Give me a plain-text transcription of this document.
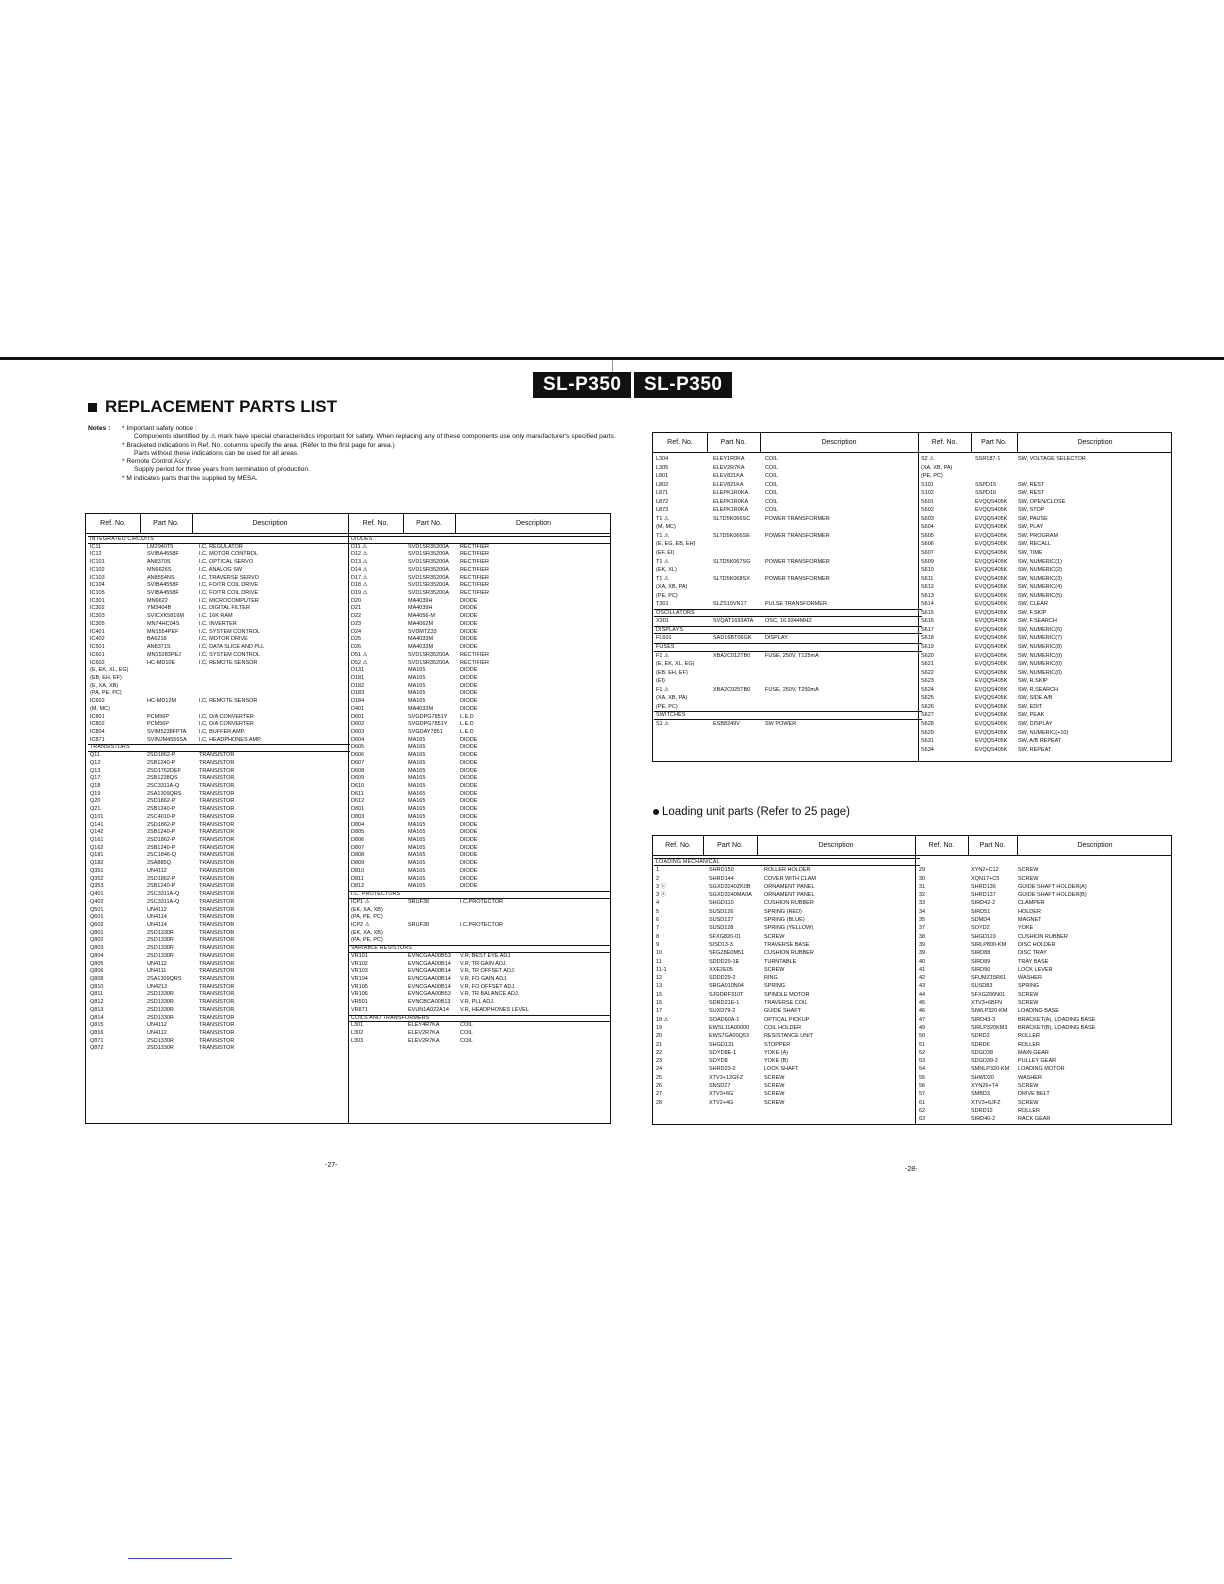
SL-P350	SL-P350
REPLACEMENT PARTS LIST
Notes : * Important safety notice :
Components identified by ⚠ mark have special characteristics important for safety. When replacing any of these components use only manufacturer's specified parts.
* Bracketed indications in Ref. No. columns specify the area. (Refer to the first page for area.)
Parts without these indications can be used for all areas.
* Remote Control Ass'y:
Supply period for three years from termination of production.
* M indicates parts that the supplied by MESA.
Ref. No.	Part No.	Description	Ref. No.	Part No.	Description
INTEGRATED CIRCUITS
IC11	LM2940T5	I.C, REGULATOR
IC12	SVIBA4558F	I.C, MOTOR CONTROL
IC101	AN8370S	I.C, OPTICAL SERVO
IC102	MN6626S	I.C, ANALOG SW
IC103	AN8554NS	I.C, TRAVERSE SERVO
IC104	SVIBA4558F	I.C, FO/TR COIL DRIVE
IC105	SVIBA4558F	I.C, FO/TR COIL DRIVE
IC301	MN6622	I.C, MICROCOMPUTER
IC302	YM3404B	I.C, DIGITAL FILTER
IC303	SVICXK5816M	I.C, 16K RAM
IC305	MN74HC04S	I.C, INVERTER
IC401	MN1554PEF	I.C, SYSTEM CONTROL
IC402	BA6218	I.C, MOTOR DRIVE
IC501	AN8371S	I.C, DATA SLICE AND PLL
IC601	MN15283PEJ	I.C, SYSTEM CONTROL
IC602	HC-MD10E	I.C, REMOTE SENSOR
(E, EK, XL, EG)
(EB, EH, EF)
(E, XA, XB)
(PA, PE, PC)
IC602	HC-MD12M	I.C, REMOTE SENSOR
(M, MC)
IC801	PCM56P	I.C, D/A CONVERTER
IC802	PCM56P	I.C, D/A CONVERTER
IC804	SVIM5238FPTA I.C, BUFFER AMP.
IC871	SVINJM4556SA I.C, HEADPHONES AMP.
TRANSISTORS
Q11	2SD1862-P	TRANSISTOR
Q12	2SB1240-P	TRANSISTOR
Q13	2SD1762DEF	TRANSISTOR
Q17	2SB1238QS	TRANSISTOR
Q18	2SC3311A-Q	TRANSISTOR
Q19	2SA1309QRS	TRANSISTOR
Q20	2SD1862-P	TRANSISTOR
Q21	2SB1240-P	TRANSISTOR
Q101	2SC4010-P	TRANSISTOR
Q141	2SD1862-P	TRANSISTOR
Q142	2SB1240-P	TRANSISTOR
Q161	2SD1862-P	TRANSISTOR
Q162	2SB1240-P	TRANSISTOR
Q181	2SC1846-Q	TRANSISTOR
Q182	2SA885Q	TRANSISTOR
Q351	UN4112	TRANSISTOR
Q352	2SD1862-P	TRANSISTOR
Q353	2SB1240-P	TRANSISTOR
Q401	2SC3311A-Q	TRANSISTOR
Q402	2SC3311A-Q	TRANSISTOR
Q501	UN4112	TRANSISTOR
Q601	UN4114	TRANSISTOR
Q602	UN4114	TRANSISTOR
Q801	2SD1330R	TRANSISTOR
Q802	2SD1330R	TRANSISTOR
Q803	2SD1330R	TRANSISTOR
Q804	2SD1330R	TRANSISTOR
Q805	UN4112	TRANSISTOR
Q806	UN4111	TRANSISTOR
Q808	2SA1309QRS	TRANSISTOR
Q810	UN4212	TRANSISTOR
Q811	2SD1330R	TRANSISTOR
Q812	2SD1330R	TRANSISTOR
Q813	2SD1330R	TRANSISTOR
Q814	2SD1330R	TRANSISTOR
Q815	UN4112	TRANSISTOR
Q816	UN4112	TRANSISTOR
Q871	2SD1330R	TRANSISTOR
Q872	2SD1330R	TRANSISTOR
DIODES
D11 ⚠	SVD1SR35200A RECTIFIER
D12 ⚠	SVD1SR35200A RECTIFIER
D13 ⚠	SVD1SR35200A RECTIFIER
D14 ⚠	SVD1SR35200A RECTIFIER
D17 ⚠	SVD1SR35200A RECTIFIER
D18 ⚠	SVD1SR35200A RECTIFIER
D19 ⚠	SVD1SR35200A RECTIFIER
D20	MA4039H	DIODE
D21	MA4039H	DIODE
D22	MA4056-M	DIODE
D23	MA4062M	DIODE
D24	SVDMTZ33	DIODE
D25	MA4033M	DIODE
D26	MA4033M	DIODE
D51 ⚠	SVD1SR35200A RECTIFIER
D52 ⚠	SVD1SR35200A RECTIFIER
D131	MA165	DIODE
D181	MA165	DIODE
D182	MA165	DIODE
D183	MA165	DIODE
D184	MA165	DIODE
D401	MA4033M	DIODE
D601	SVGDPG7851Y L.E.D
D602	SVGDPG7851Y L.E.D
D603	SVGDAY7851	L.E.D
D604	MA165	DIODE
D605	MA165	DIODE
D606	MA165	DIODE
D607	MA165	DIODE
D608	MA165	DIODE
D609	MA165	DIODE
D610	MA165	DIODE
D611	MA165	DIODE
D612	MA165	DIODE
D801	MA165	DIODE
D803	MA165	DIODE
D804	MA165	DIODE
D805	MA165	DIODE
D806	MA165	DIODE
D807	MA165	DIODE
D808	MA165	DIODE
D809	MA165	DIODE
D810	MA165	DIODE
D811	MA165	DIODE
D812	MA165	DIODE
I.C. PROTECTORS
ICP1 ⚠	SRUF38	I.C.PROTECTOR
(EK, XA, XB)
(PA, PE, PC)
ICP2 ⚠	SRUF38	I.C.PROTECTOR
(EK, XA, XB)
(PA, PE, PC)
VARIABLE RESISTORS
VR101	EVNCGAA00B53 V.R, BEST EYE ADJ.
VR102	EVNCGAA00B14 V.R, TR GAIN ADJ.
VR103	EVNCGAA00B14 V.R, TR OFFSET ADJ.
VR104	EVNCGAA00B14 V.R, FO GAIN ADJ.
VR105	EVNCGAA00B14 V.R, FO OFFSET ADJ.
VR106	EVNCGAA00B53 V.R, TR BALANCE ADJ.
VR501	EVNCBCA00B13 V.R, PLL ADJ.
VR871	EVUN1A022A14 V.R, HEADPHONES LEVEL
COILS AND TRANSFORMERS
L301	ELEY4R7KA	COIL
L302	ELEV2R7KA	COIL
L303	ELEV2R7KA	COIL
Ref. No.	Part No.	Description	Ref. No.	Part No.	Description
L304	ELEY1R0KA	COIL
L305	ELEV2R7KA	COIL
L801	ELEV821KA	COIL
L802	ELEV821KA	COIL
L871	ELEPK1R0KA	COIL
L872	ELEPK1R0KA	COIL
L873	ELEPK1R0KA	COIL
T1 ⚠	SLTD5K066SC	POWER TRANSFORMER
(M, MC)
T1 ⚠	SLTD5K066SE	POWER TRANSFORMER
(E, EG, EB, EH)
(EF, EI)
T1 ⚠	SLTD5K067SG	POWER TRANSFORMER
(EK, XL)
T1 ⚠	SLTD5K068SX	POWER TRANSFORMER
(XA, XB, PA)
(PE, PC)
T301	SLZS10VN17	PULSE TRANSFORMER
OSCILLATORS
X301	SVQAT1693ATA OSC, 16.9344MHZ
DISPLAYS
FL601	SAD16BT06GK DISPLAY
FUSES
F1 ⚠	XBA2C012TB0	FUSE, 250V, T125mA
(E, EK, XL, EG)
(EB, EH, EF)
(EI)
F1 ⚠	XBA2C025TB0	FUSE, 250V, T250mA
(XA, XB, PA)
(PE, PC)
SWITCHES
S1 ⚠	ESB8249V	SW POWER
S2 ⚠	SSR187-1	SW, VOLTAGE SELECTOR
(XA, XB, PA)
(PE, PC)
S101	SSPD15	SW, REST
S102	SSPD16	SW, REST
S601	EVQQS405K SW, OPEN/CLOSE
S602	EVQQS405K SW, STOP
S603	EVQQS405K SW, PAUSE
S604	EVQQS405K SW, PLAY
S605	EVQQS405K SW, PROGRAM
S606	EVQQS405K SW, RECALL
S607	EVQQS405K SW, TIME
S609	EVQQS405K SW, NUMERIC(1)
S610	EVQQS405K SW, NUMERIC(2)
S611	EVQQS405K SW, NUMERIC(3)
S612	EVQQS405K SW, NUMERIC(4)
S613	EVQQS405K SW, NUMERIC(5)
S614	EVQQS405K SW, CLEAR
S615	EVQQS405K SW, F.SKIP
S616	EVQQS405K SW, F.SEARCH
S617	EVQQS405K SW, NUMERIC(6)
S618	EVQQS405K SW, NUMERIC(7)
S619	EVQQS405K SW, NUMERIC(8)
S620	EVQQS405K SW, NUMERIC(9)
S621	EVQQS405K SW, NUMERIC(0)
S622	EVQQS405K SW, NUMERIC(0)
S623	EVQQS405K SW, R.SKIP
S624	EVQQS405K SW, R.SEARCH
S625	EVQQS405K SW, SIDE A/B
S626	EVQQS405K SW, EDIT
S627	EVQQS405K SW, PEAK
S628	EVQQS405K SW, DISPLAY
S629	EVQQS405K SW, NUMERIC(+10)
S631	EVQQS405K SW, A/B REPEAT
S634	EVQQS405K SW, REPEAT
Loading unit parts (Refer to 25 page)
Ref. No.	Part No.	Description	Ref. No.	Part No.	Description
LOADING MECHANICAL
1	SHRD150	ROLLER HOLDER
2	SHRD144	COVER WITH CLAM
3 ⓔ	SGXD3240ZK0B ORNAMENT PANEL
3 ⓢ	SGXD3240MA0A ORNAMENT PANEL
4	SHGD110	CUSHION RUBBER
5	SUSD126	SPRING (RED)
6	SUSD127	SPRING (BLUE)
7	SUSD128	SPRING (YELLOW)
8	SFXG820-01	SCREW
9	SISD13-3	TRAVERSE BASE
10	SFGZ8E0M51	CUSHION RUBBER
11	SDDD29-1E	TURNTABLE
11-1	XXE2E05	SCREW
12	SDDD29-2	RING
13	SRGA010N04	SPRING
15	SJGDRF310T	SPINDLE MOTOR
16	SDRD21E-1	TRAVERSE COIL
17	SUXD79-2	GUIDE SHAFT
18 ⚠	SOAD60A-1	OPTICAL PICKUP
19	EWSL11A00000	COIL HOLDER
20	EWS7GA00Q53	RESISTANCE UNIT
21	SHGD131	STOPPER
22	SOYD8E-1	YOKE (A)
23	SOYD8	YOKE (B)
24	SHRD23-2	LOCK SHAFT
25	XTV3+12GFZ	SCREW
26	SNSD27	SCREW
27	XTV3+6G	SCREW
28	XTV2+4G	SCREW
29	XYN2+C12	SCREW
30	XQN17+C5	SCREW
31	SHRD136	GUIDE SHAFT HOLDER(A)
32	SHRD137	GUIDE SHAFT HOLDER(B)
33	SIRD42-2	CLAMPER
34	SIRD51	HOLDER
35	SDMD4	MAGNET
37	SOYD2	YOKE
38	SHGD119	CUSHION RUBBER
39	SIRLP800-KM DISC HOLDER
39	SIRD88	DISC TRAY
40	SIRD89	TRAY BASE
41	SIRD90	LOCK LEVER
42	SFUMZ15R61 WASHER
43	SUSD83	SPRING
44	SFXG206N01 SCREW
45	XTV3+6BFN	SCREW
46	SIWLP320-KM LOADING BASE
47	SIRD43-3	BRACKET(A), LOADING BASE
49	SIRLP320KM3 BRACKET(B), LOADING BASE
50	SDRD2	ROLLER
51	SDRD6	ROLLER
52	SDGD38	MAIN GEAR
53	SDGD39-2	PULLEY GEAR
54	SMNLP320-KM LOADING MOTOR
55	SHWD20	WASHER
56	XYN26+T4	SCREW
57	SMBD3	DRIVE BELT
61	XTV3+6JFZ	SCREW
62	SDRD12	ROLLER
63	SIRD40-2	RACK GEAR
-27-
-28-
